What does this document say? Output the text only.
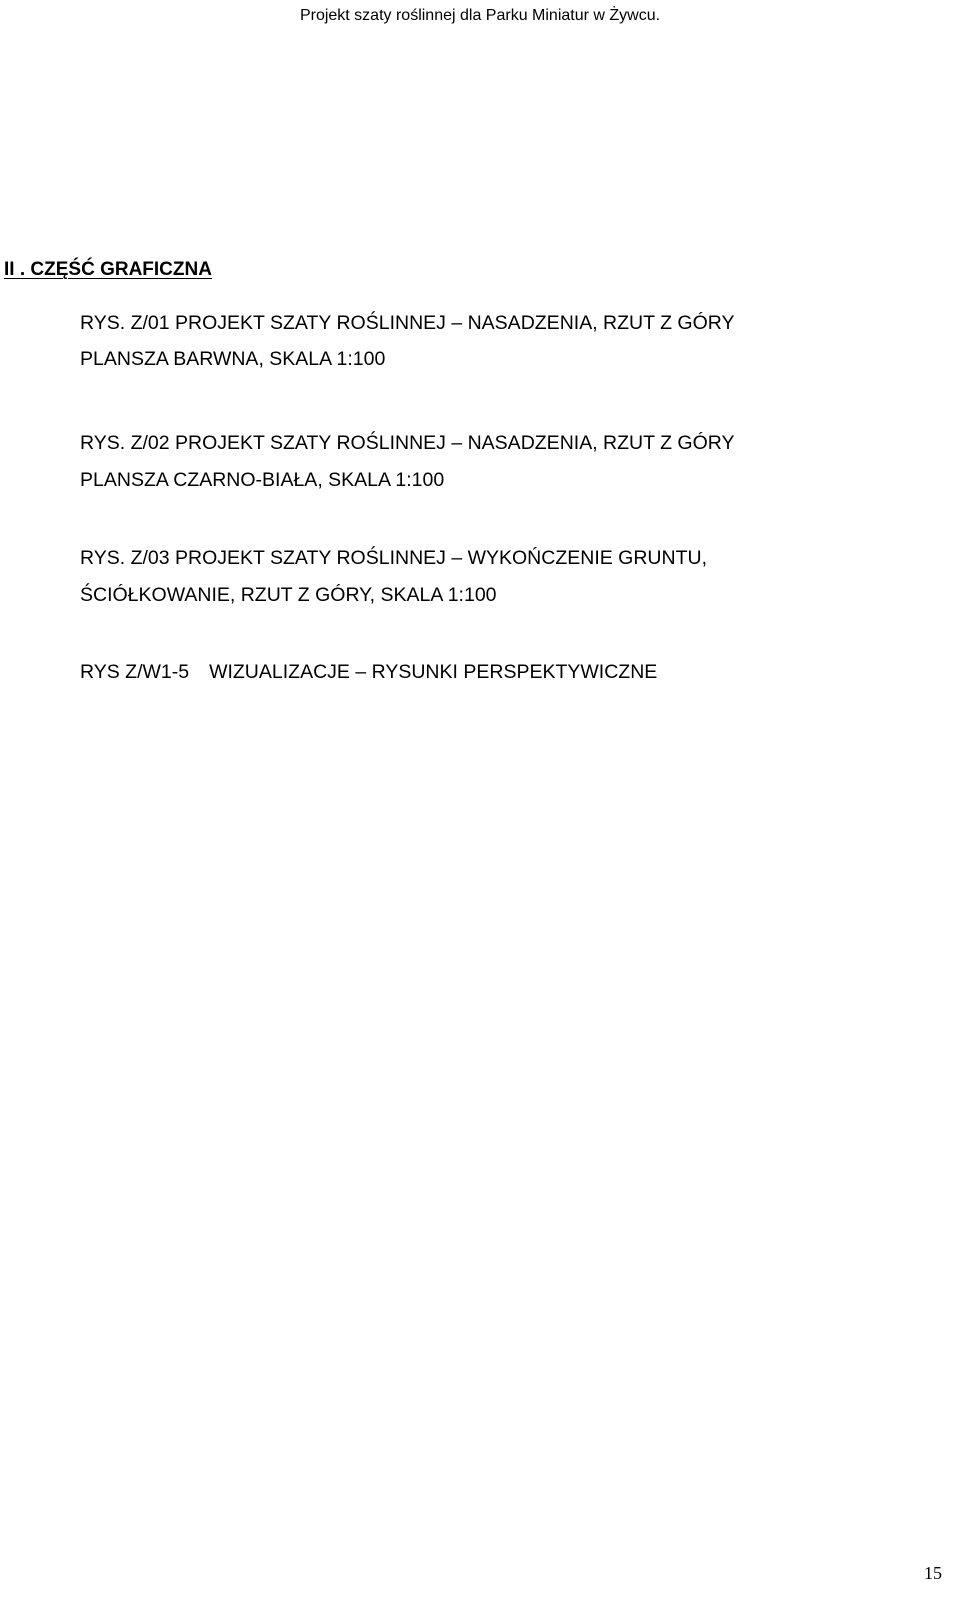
Projekt szaty roślinnej dla Parku Miniatur w Żywcu.
II . CZĘŚĆ GRAFICZNA
RYS. Z/01 PROJEKT SZATY ROŚLINNEJ – NASADZENIA, RZUT Z GÓRY
PLANSZA BARWNA, SKALA 1:100
RYS. Z/02 PROJEKT SZATY ROŚLINNEJ – NASADZENIA, RZUT Z GÓRY
PLANSZA CZARNO-BIAŁA, SKALA 1:100
RYS. Z/03 PROJEKT SZATY ROŚLINNEJ – WYKOŃCZENIE GRUNTU,
ŚCIÓŁKOWANIE, RZUT Z GÓRY, SKALA 1:100
RYS Z/W1-5 WIZUALIZACJE – RYSUNKI PERSPEKTYWICZNE
15
